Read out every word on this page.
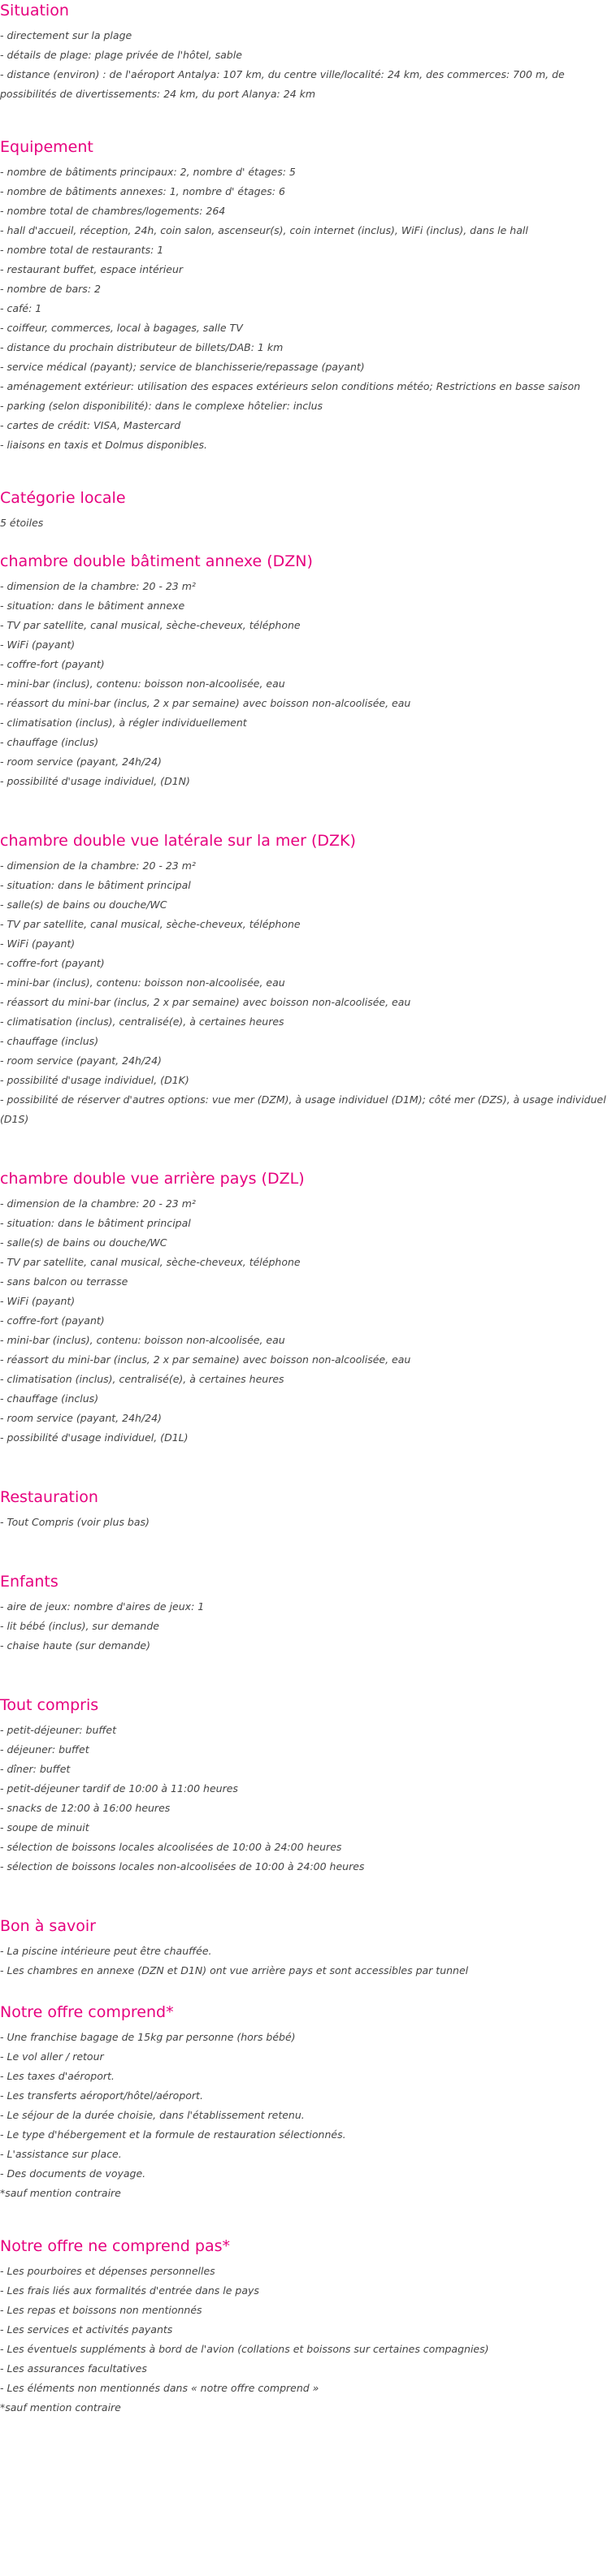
Situation

- directement sur la plage

- détails de plage: plage privée de l'hôtel, sable

- distance (environ) : de l'aéroport Antalya: 107 km, du centre ville/localité: 24 km, des commerces: 700 m, de possibilités de divertissements: 24 km, du port Alanya: 24 km

Equipement

- nombre de bâtiments principaux: 2, nombre d' étages: 5

- nombre de bâtiments annexes: 1, nombre d' étages: 6

- nombre total de chambres/logements: 264

- hall d'accueil, réception, 24h, coin salon, ascenseur(s), coin internet (inclus), WiFi (inclus), dans le hall

- nombre total de restaurants: 1

- restaurant buffet, espace intérieur

- nombre de bars: 2

- café: 1

- coiffeur, commerces, local à bagages, salle TV

- distance du prochain distributeur de billets/DAB: 1 km

- service médical (payant); service de blanchisserie/repassage (payant)

- aménagement extérieur: utilisation des espaces extérieurs selon conditions météo; Restrictions en basse saison

- parking (selon disponibilité): dans le complexe hôtelier: inclus

- cartes de crédit: VISA, Mastercard

- liaisons en taxis et Dolmus disponibles.

Catégorie locale

5 étoiles

chambre double bâtiment annexe (DZN)

- dimension de la chambre: 20 - 23 m²

- situation: dans le bâtiment annexe

- TV par satellite, canal musical, sèche-cheveux, téléphone

- WiFi (payant)

- coffre-fort (payant)

- mini-bar (inclus), contenu: boisson non-alcoolisée, eau

- réassort du mini-bar (inclus, 2 x par semaine) avec boisson non-alcoolisée, eau

- climatisation (inclus), à régler individuellement

- chauffage (inclus)

- room service (payant, 24h/24)

- possibilité d'usage individuel, (D1N)

chambre double vue latérale sur la mer (DZK)

- dimension de la chambre: 20 - 23 m²

- situation: dans le bâtiment principal

- salle(s) de bains ou douche/WC

- TV par satellite, canal musical, sèche-cheveux, téléphone

- WiFi (payant)

- coffre-fort (payant)

- mini-bar (inclus), contenu: boisson non-alcoolisée, eau

- réassort du mini-bar (inclus, 2 x par semaine) avec boisson non-alcoolisée, eau

- climatisation (inclus), centralisé(e), à certaines heures

- chauffage (inclus)

- room service (payant, 24h/24)

- possibilité d'usage individuel, (D1K)

- possibilité de réserver d'autres options: vue mer (DZM), à usage individuel (D1M); côté mer (DZS), à usage individuel (D1S)

chambre double vue arrière pays (DZL)

- dimension de la chambre: 20 - 23 m²

- situation: dans le bâtiment principal

- salle(s) de bains ou douche/WC

- TV par satellite, canal musical, sèche-cheveux, téléphone

- sans balcon ou terrasse

- WiFi (payant)

- coffre-fort (payant)

- mini-bar (inclus), contenu: boisson non-alcoolisée, eau

- réassort du mini-bar (inclus, 2 x par semaine) avec boisson non-alcoolisée, eau

- climatisation (inclus), centralisé(e), à certaines heures

- chauffage (inclus)

- room service (payant, 24h/24)

- possibilité d'usage individuel, (D1L)

Restauration

- Tout Compris (voir plus bas)

Enfants

- aire de jeux: nombre d'aires de jeux: 1

- lit bébé (inclus), sur demande

- chaise haute (sur demande)

Tout compris

- petit-déjeuner: buffet

- déjeuner: buffet

- dîner: buffet

- petit-déjeuner tardif de 10:00 à 11:00 heures

- snacks de 12:00 à 16:00 heures

- soupe de minuit

- sélection de boissons locales alcoolisées de 10:00 à 24:00 heures

- sélection de boissons locales non-alcoolisées de 10:00 à 24:00 heures

Bon à savoir

- La piscine intérieure peut être chauffée.

- Les chambres en annexe (DZN et D1N) ont vue arrière pays et sont accessibles par tunnel

Notre offre comprend*

- Une franchise bagage de 15kg par personne (hors bébé)

- Le vol aller / retour

- Les taxes d'aéroport.

- Les transferts aéroport/hôtel/aéroport.

- Le séjour de la durée choisie, dans l'établissement retenu.

- Le type d'hébergement et la formule de restauration sélectionnés.

- L'assistance sur place.

- Des documents de voyage.

*sauf mention contraire

Notre offre ne comprend pas*

- Les pourboires et dépenses personnelles

- Les frais liés aux formalités d'entrée dans le pays

- Les repas et boissons non mentionnés

- Les services et activités payants

- Les éventuels suppléments à bord de l'avion (collations et boissons sur certaines compagnies)

- Les assurances facultatives

- Les éléments non mentionnés dans « notre offre comprend »

*sauf mention contraire
